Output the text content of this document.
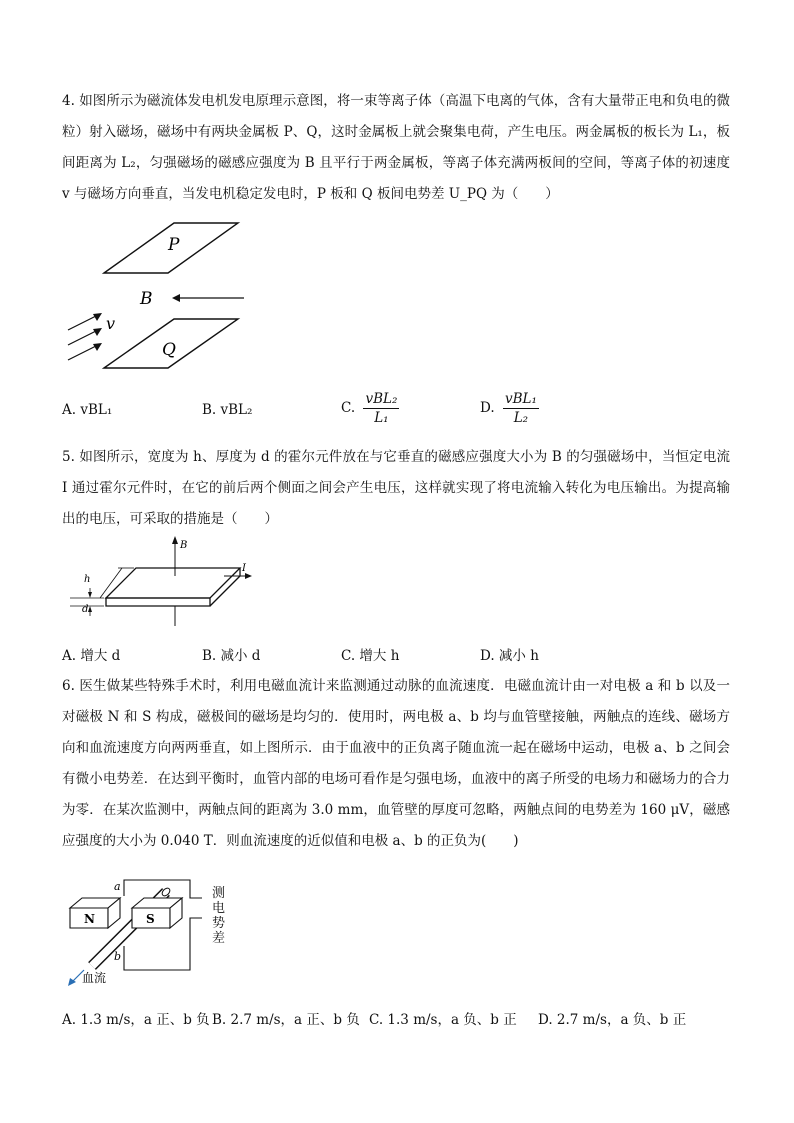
4. 如图所示为磁流体发电机发电原理示意图，将一束等离子体（高温下电离的气体，含有大量带正电和负电的微粒）射入磁场，磁场中有两块金属板 P、Q，这时金属板上就会聚集电荷，产生电压。两金属板的板长为 L₁，板间距离为 L₂，匀强磁场的磁感应强度为 B 且平行于两金属板，等离子体充满两板间的空间，等离子体的初速度 v 与磁场方向垂直，当发电机稳定发电时，P 板和 Q 板间电势差 U_PQ 为（　　）

P
B
Q
v
A. vBL₁	B. vBL₂	C. $\frac{\text{vBL₂}}{\text{L₁}}$	D. $\frac{\text{vBL₁}}{\text{L₂}}$

5. 如图所示，宽度为 h、厚度为 d 的霍尔元件放在与它垂直的磁感应强度大小为 B 的匀强磁场中，当恒定电流 I 通过霍尔元件时，在它的前后两个侧面之间会产生电压，这样就实现了将电流输入转化为电压输出。为提高输出的电压，可采取的措施是（　　）

B
I
h
d
A. 增大 d	B. 减小 d	C. 增大 h	D. 减小 h

6. 医生做某些特殊手术时，利用电磁血流计来监测通过动脉的血流速度．电磁血流计由一对电极 a 和 b 以及一对磁极 N 和 S 构成，磁极间的磁场是均匀的．使用时，两电极 a、b 均与血管壁接触，两触点的连线、磁场方向和血流速度方向两两垂直，如上图所示．由于血液中的正负离子随血流一起在磁场中运动，电极 a、b 之间会有微小电势差．在达到平衡时，血管内部的电场可看作是匀强电场，血液中的离子所受的电场力和磁场力的合力为零．在某次监测中，两触点间的距离为 3.0 mm，血管壁的厚度可忽略，两触点间的电势差为 160 μV，磁感应强度的大小为 0.040 T．则血流速度的近似值和电极 a、b 的正负为(　　)

a
b
N	S
血流
测电势差
A. 1.3 m/s，a 正、b 负 B. 2.7 m/s，a 正、b 负 C. 1.3 m/s，a 负、b 正 D. 2.7 m/s，a 负、b 正
